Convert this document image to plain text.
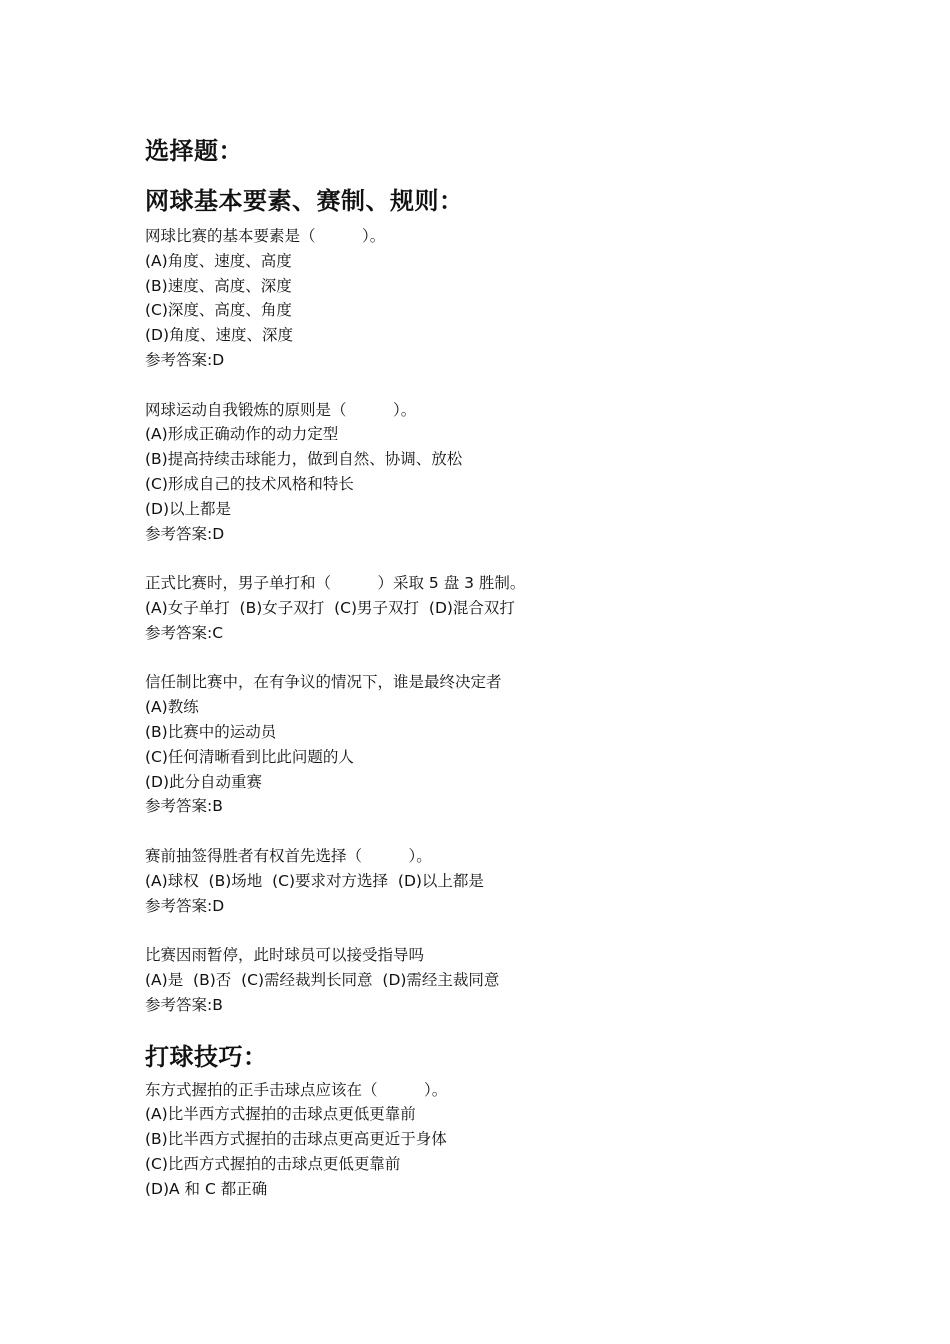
选择题：
网球基本要素、赛制、规则：
网球比赛的基本要素是（　　　）。
(A)角度、速度、高度
(B)速度、高度、深度
(C)深度、高度、角度
(D)角度、速度、深度
参考答案:D
网球运动自我锻炼的原则是（　　　）。
(A)形成正确动作的动力定型
(B)提高持续击球能力，做到自然、协调、放松
(C)形成自己的技术风格和特长
(D)以上都是
参考答案:D
正式比赛时，男子单打和（　　　）采取 5 盘 3 胜制。
(A)女子单打  (B)女子双打  (C)男子双打  (D)混合双打
参考答案:C
信任制比赛中，在有争议的情况下，谁是最终决定者
(A)教练
(B)比赛中的运动员
(C)任何清晰看到比此问题的人
(D)此分自动重赛
参考答案:B
赛前抽签得胜者有权首先选择（　　　）。
(A)球权  (B)场地  (C)要求对方选择  (D)以上都是
参考答案:D
比赛因雨暂停，此时球员可以接受指导吗
(A)是  (B)否  (C)需经裁判长同意  (D)需经主裁同意
参考答案:B
打球技巧：
东方式握拍的正手击球点应该在（　　　）。
(A)比半西方式握拍的击球点更低更靠前
(B)比半西方式握拍的击球点更高更近于身体
(C)比西方式握拍的击球点更低更靠前
(D)A 和 C 都正确
